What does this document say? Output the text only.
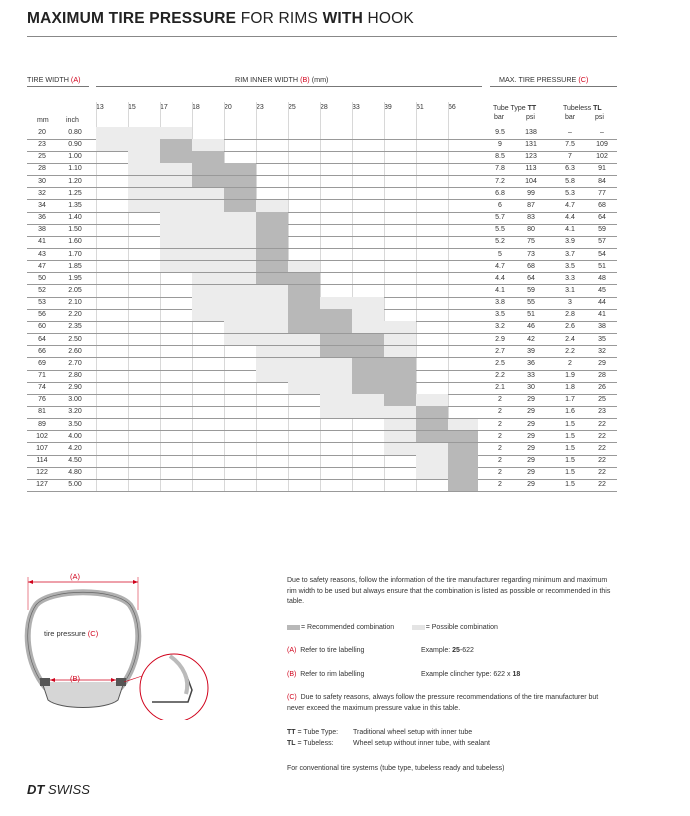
MAXIMUM TIRE PRESSURE FOR RIMS WITH HOOK
TIRE WIDTH (A)	RIM INNER WIDTH (B) (mm)	MAX. TIRE PRESSURE (C)
mm inch
Tube Type TT
bar	psi
Tubeless TL
bar	psi
13	15	17	18	20	23	25	28	33	39	51	66
20	0.80	9.5	138	–	–
23	0.90	9	131	7.5	109
25	1.00	8.5	123	7	102
28	1.10	7.8	113	6.3	91
30	1.20	7.2	104	5.8	84
32	1.25	6.8	99	5.3	77
34	1.35	6	87	4.7	68
36	1.40	5.7	83	4.4	64
38	1.50	5.5	80	4.1	59
41	1.60	5.2	75	3.9	57
43	1.70	5	73	3.7	54
47	1.85	4.7	68	3.5	51
50	1.95	4.4	64	3.3	48
52	2.05	4.1	59	3.1	45
53	2.10	3.8	55	3	44
56	2.20	3.5	51	2.8	41
60	2.35	3.2	46	2.6	38
64	2.50	2.9	42	2.4	35
66	2.60	2.7	39	2.2	32
69	2.70	2.5	36	2	29
71	2.80	2.2	33	1.9	28
74	2.90	2.1	30	1.8	26
76	3.00	2	29	1.7	25
81	3.20	2	29	1.6	23
89	3.50	2	29	1.5	22
102	4.00	2	29	1.5	22
107	4.20	2	29	1.5	22
114	4.50	2	29	1.5	22
122	4.80	2	29	1.5	22
127	5.00	2	29	1.5	22
(A)
(B)
tire pressure (C)
Due to safety reasons, follow the information of the tire manufacturer regarding minimum and maximum rim width to be used but always ensure that the combination is listed as possible or recommended in this table.
= Recommended combination	= Possible combination
(A) Refer to tire labelling	Example: 25-622
(B) Refer to rim labelling	Example clincher type: 622 x 18
(C) Due to safety reasons, always follow the pressure recommendations of the tire manufacturer but never exceed the maximum pressure value in this table.
TT = Tube Type: Traditional wheel setup with inner tube
TL = Tubeless:	Wheel setup without inner tube, with sealant
For conventional tire systems (tube type, tubeless ready and tubeless)
DT SWISS
